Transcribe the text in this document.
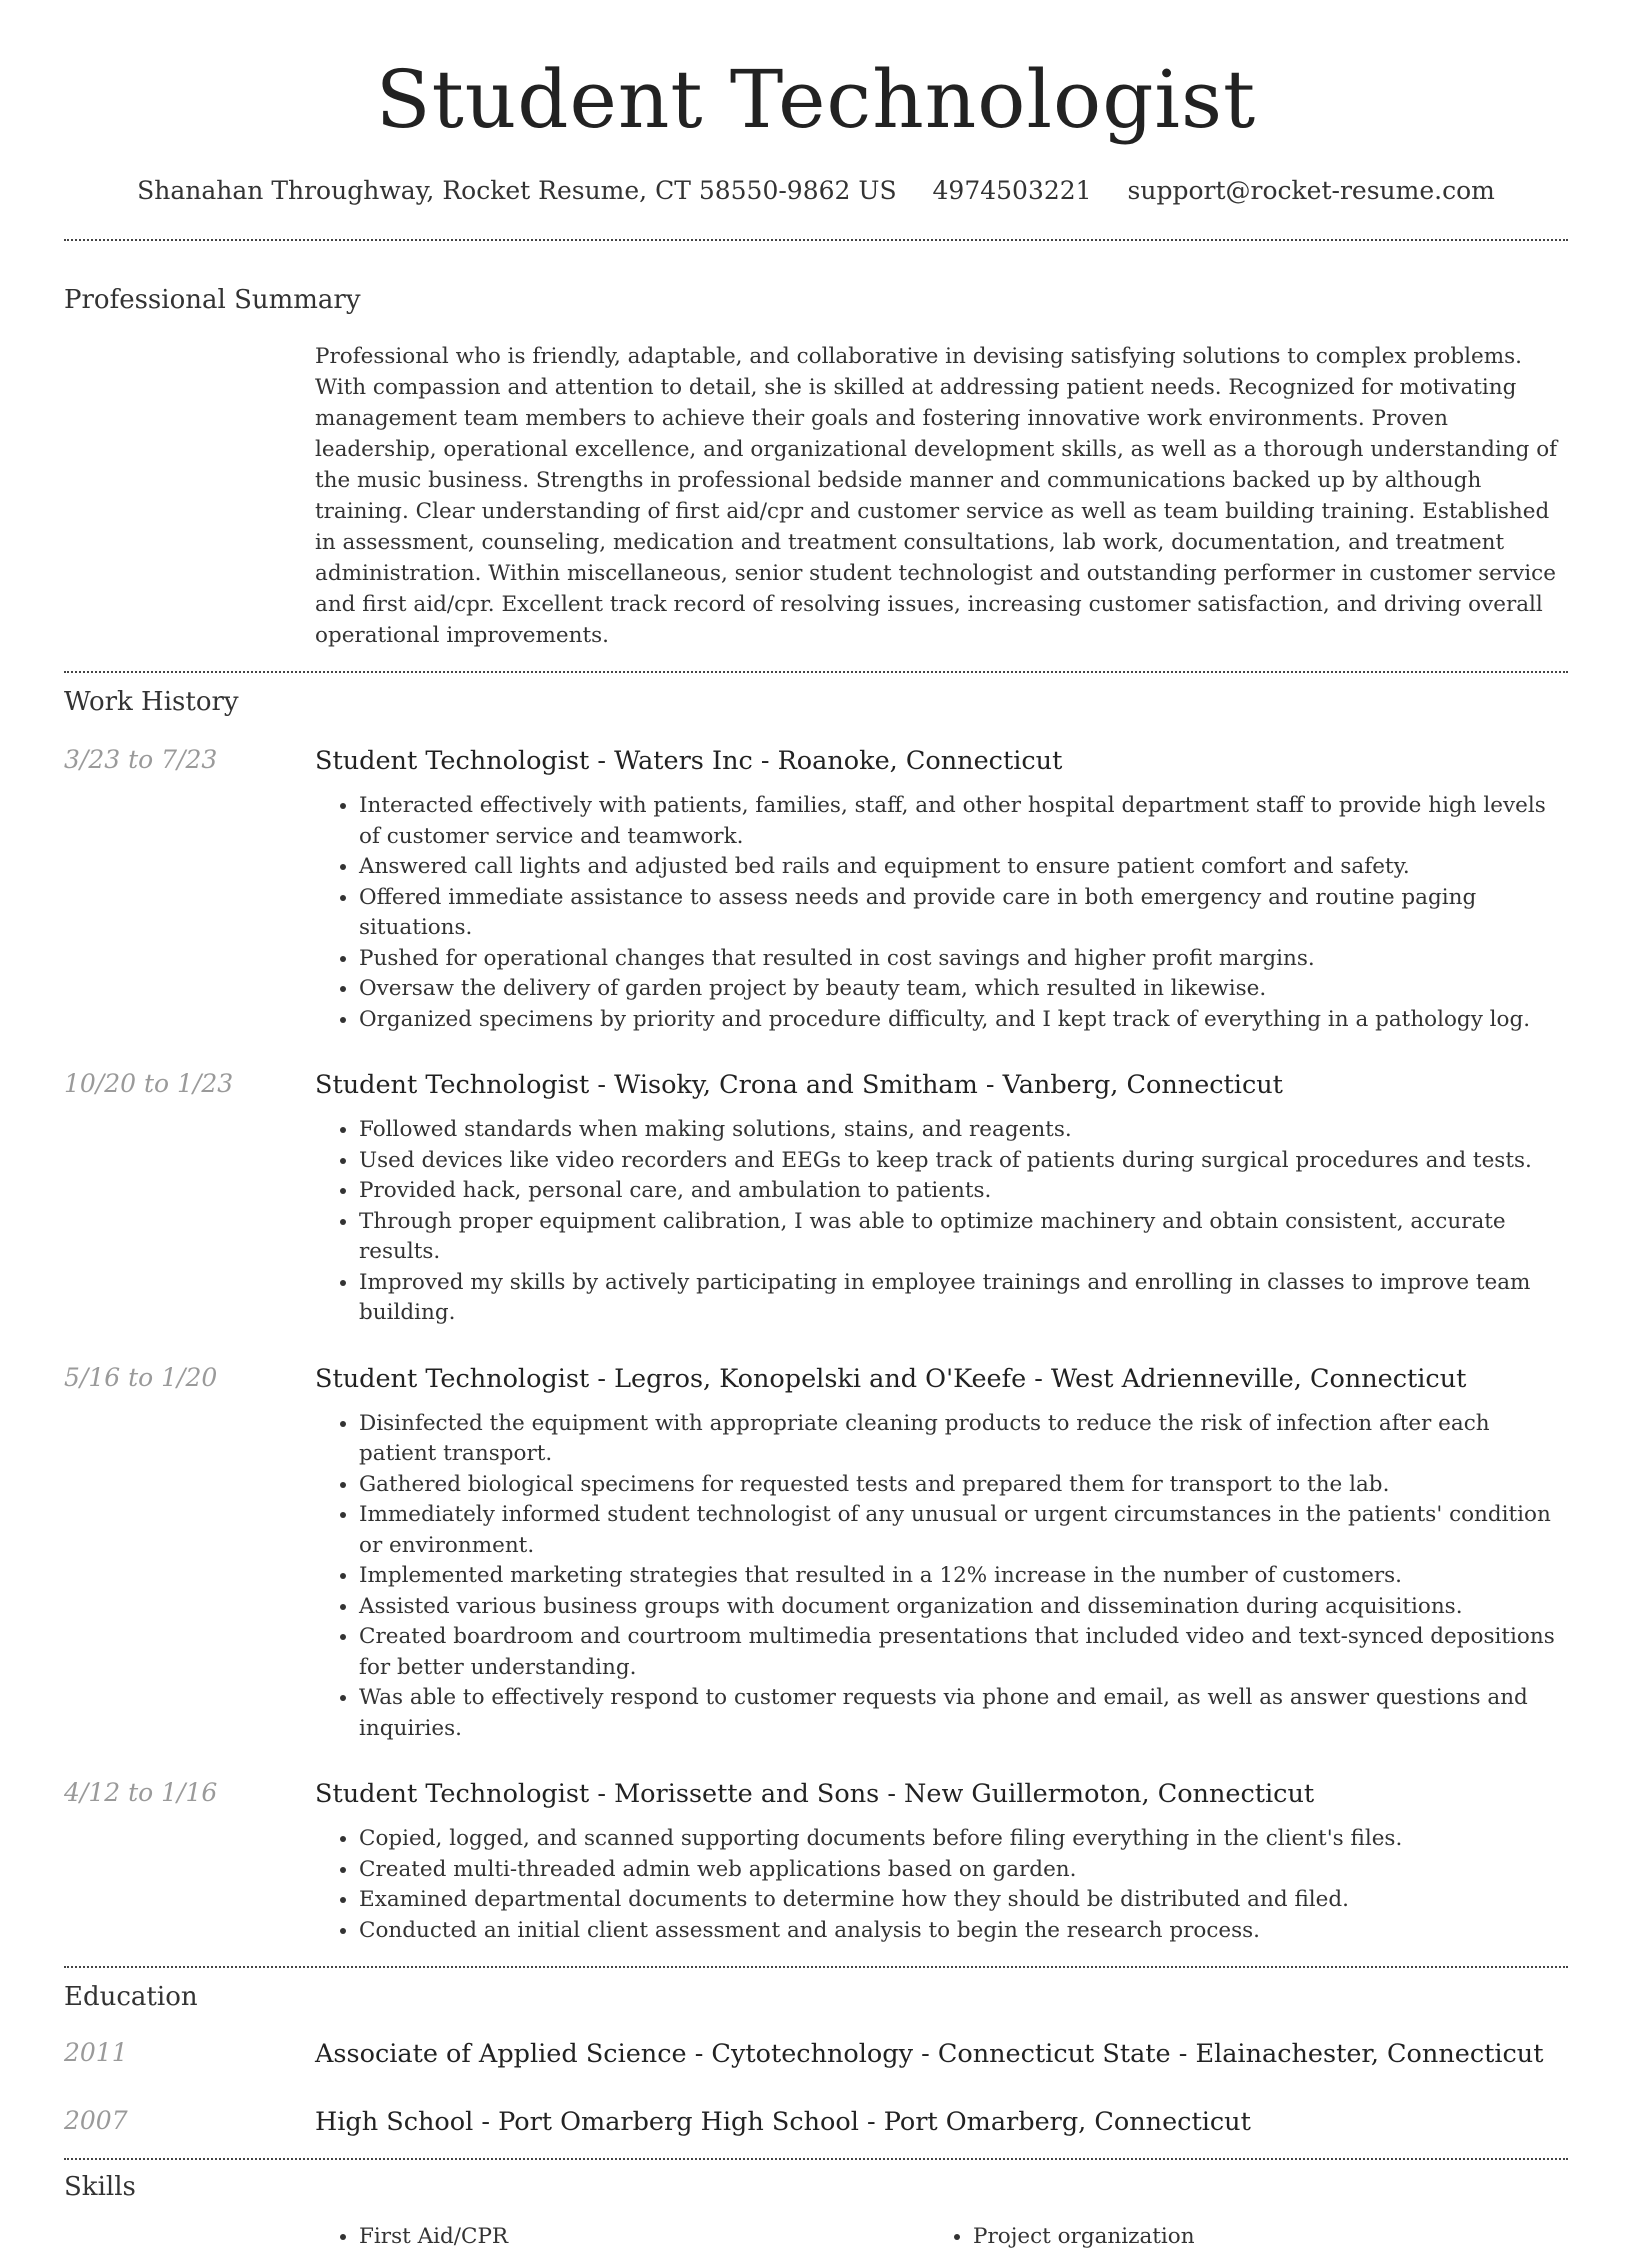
Student Technologist
Shanahan Throughway, Rocket Resume, CT 58550-9862 US 4974503221 support@rocket-resume.com
Professional Summary

Professional who is friendly, adaptable, and collaborative in devising satisfying solutions to complex problems. With compassion and attention to detail, she is skilled at addressing patient needs. Recognized for motivating management team members to achieve their goals and fostering innovative work environments. Proven leadership, operational excellence, and organizational development skills, as well as a thorough understanding of the music business. Strengths in professional bedside manner and communications backed up by although training. Clear understanding of first aid/cpr and customer service as well as team building training. Established in assessment, counseling, medication and treatment consultations, lab work, documentation, and treatment administration. Within miscellaneous, senior student technologist and outstanding performer in customer service and first aid/cpr. Excellent track record of resolving issues, increasing customer satisfaction, and driving overall operational improvements.

Work History
3/23 to 7/23	Student Technologist - Waters Inc - Roanoke, Connecticut

• Interacted effectively with patients, families, staff, and other hospital department staff to provide high levels of customer service and teamwork.
• Answered call lights and adjusted bed rails and equipment to ensure patient comfort and safety.
• Offered immediate assistance to assess needs and provide care in both emergency and routine paging situations.
• Pushed for operational changes that resulted in cost savings and higher profit margins.
• Oversaw the delivery of garden project by beauty team, which resulted in likewise.
• Organized specimens by priority and procedure difficulty, and I kept track of everything in a pathology log.
10/20 to 1/23	Student Technologist - Wisoky, Crona and Smitham - Vanberg, Connecticut

• Followed standards when making solutions, stains, and reagents.
• Used devices like video recorders and EEGs to keep track of patients during surgical procedures and tests.
• Provided hack, personal care, and ambulation to patients.
• Through proper equipment calibration, I was able to optimize machinery and obtain consistent, accurate results.
• Improved my skills by actively participating in employee trainings and enrolling in classes to improve team building.
5/16 to 1/20	Student Technologist - Legros, Konopelski and O'Keefe - West Adrienneville, Connecticut

• Disinfected the equipment with appropriate cleaning products to reduce the risk of infection after each patient transport.
• Gathered biological specimens for requested tests and prepared them for transport to the lab.
• Immediately informed student technologist of any unusual or urgent circumstances in the patients' condition or environment.
• Implemented marketing strategies that resulted in a 12% increase in the number of customers.
• Assisted various business groups with document organization and dissemination during acquisitions.
• Created boardroom and courtroom multimedia presentations that included video and text-synced depositions for better understanding.
• Was able to effectively respond to customer requests via phone and email, as well as answer questions and inquiries.
4/12 to 1/16	Student Technologist - Morissette and Sons - New Guillermoton, Connecticut

• Copied, logged, and scanned supporting documents before filing everything in the client's files.
• Created multi-threaded admin web applications based on garden.
• Examined departmental documents to determine how they should be distributed and filed.
• Conducted an initial client assessment and analysis to begin the research process.
Education
2011	Associate of Applied Science - Cytotechnology - Connecticut State - Elainachester, Connecticut

2007	High School - Port Omarberg High School - Port Omarberg, Connecticut

Skills
• First Aid/CPR
•	Project organization
